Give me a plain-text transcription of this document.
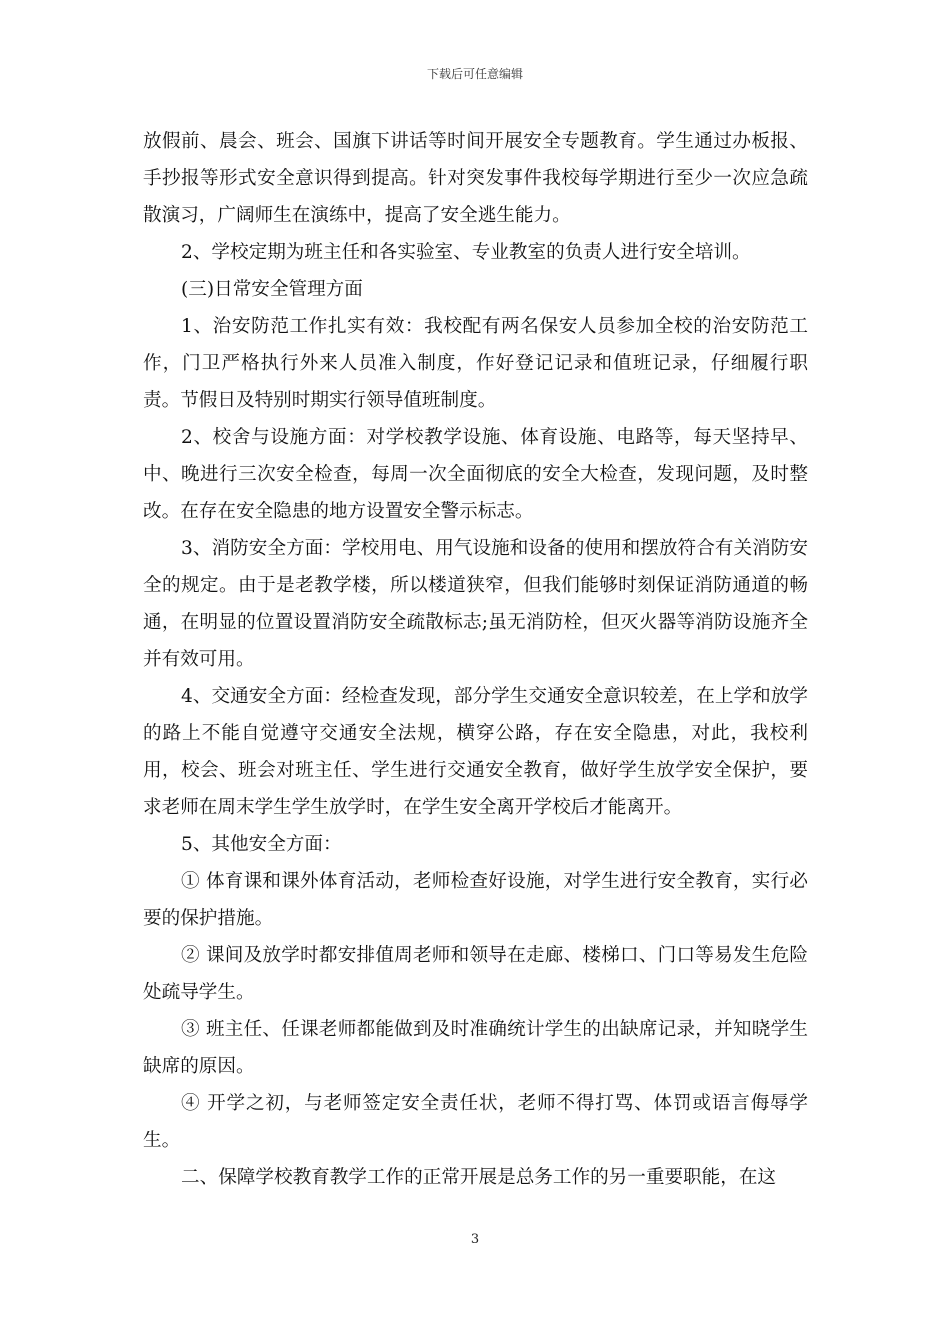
下载后可任意编辑

放假前、晨会、班会、国旗下讲话等时间开展安全专题教育。学生通过办板报、手抄报等形式安全意识得到提高。针对突发事件我校每学期进行至少一次应急疏散演习，广阔师生在演练中，提高了安全逃生能力。

2、学校定期为班主任和各实验室、专业教室的负责人进行安全培训。

(三)日常安全管理方面

1、治安防范工作扎实有效：我校配有两名保安人员参加全校的治安防范工作，门卫严格执行外来人员准入制度，作好登记记录和值班记录，仔细履行职责。节假日及特别时期实行领导值班制度。

2、校舍与设施方面：对学校教学设施、体育设施、电路等，每天坚持早、中、晚进行三次安全检查，每周一次全面彻底的安全大检查，发现问题，及时整改。在存在安全隐患的地方设置安全警示标志。

3、消防安全方面：学校用电、用气设施和设备的使用和摆放符合有关消防安全的规定。由于是老教学楼，所以楼道狭窄，但我们能够时刻保证消防通道的畅通，在明显的位置设置消防安全疏散标志;虽无消防栓，但灭火器等消防设施齐全并有效可用。

4、交通安全方面：经检查发现，部分学生交通安全意识较差，在上学和放学的路上不能自觉遵守交通安全法规，横穿公路，存在安全隐患，对此，我校利用，校会、班会对班主任、学生进行交通安全教育，做好学生放学安全保护，要求老师在周末学生学生放学时，在学生安全离开学校后才能离开。

5、其他安全方面：

① 体育课和课外体育活动，老师检查好设施，对学生进行安全教育，实行必要的保护措施。

② 课间及放学时都安排值周老师和领导在走廊、楼梯口、门口等易发生危险处疏导学生。

③ 班主任、任课老师都能做到及时准确统计学生的出缺席记录，并知晓学生缺席的原因。

④ 开学之初，与老师签定安全责任状，老师不得打骂、体罚或语言侮辱学生。

二、保障学校教育教学工作的正常开展是总务工作的另一重要职能，在这

3
